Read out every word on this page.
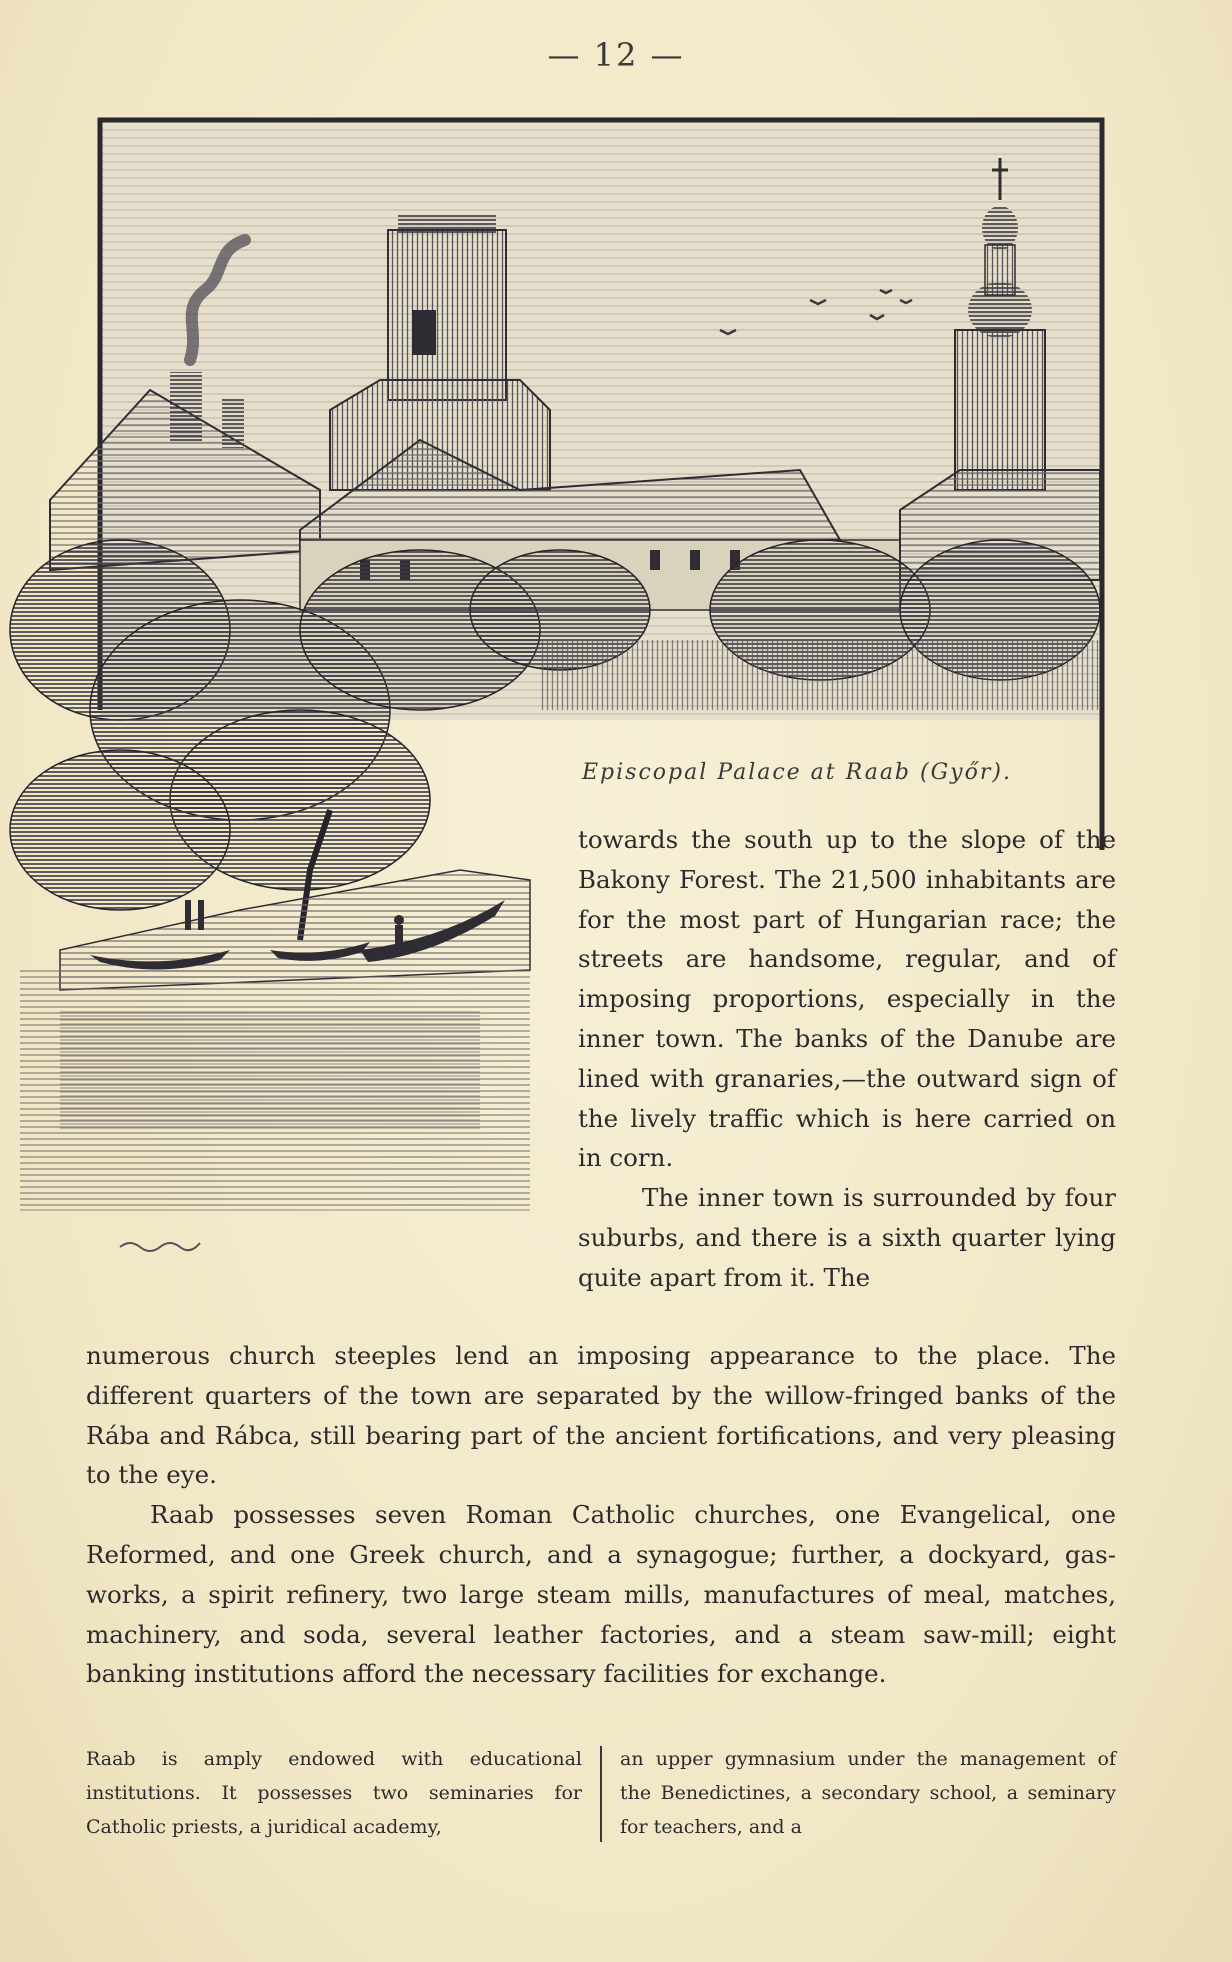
— 12 —
Episcopal Palace at Raab (Győr).

towards the south up to the slope of the Bakony Forest. The 21,500 inhabitants are for the most part of Hungarian race; the streets are handsome, regular, and of imposing proportions, especially in the inner town. The banks of the Danube are lined with granaries,—the outward sign of the lively traffic which is here carried on in corn.

The inner town is surrounded by four suburbs, and there is a sixth quarter lying quite apart from it. The

numerous church steeples lend an imposing appearance to the place. The different quarters of the town are separated by the willow-fringed banks of the Rába and Rábca, still bearing part of the ancient fortifications, and very pleasing to the eye.

Raab possesses seven Roman Catholic churches, one Evangelical, one Reformed, and one Greek church, and a synagogue; further, a dockyard, gas-works, a spirit refinery, two large steam mills, manufactures of meal, matches, machinery, and soda, several leather factories, and a steam saw-mill; eight banking institutions afford the necessary facilities for exchange.

Raab is amply endowed with educational institutions. It possesses two seminaries for Catholic priests, a juridical academy,
an upper gymnasium under the management of the Benedictines, a secondary school, a seminary for teachers, and a
